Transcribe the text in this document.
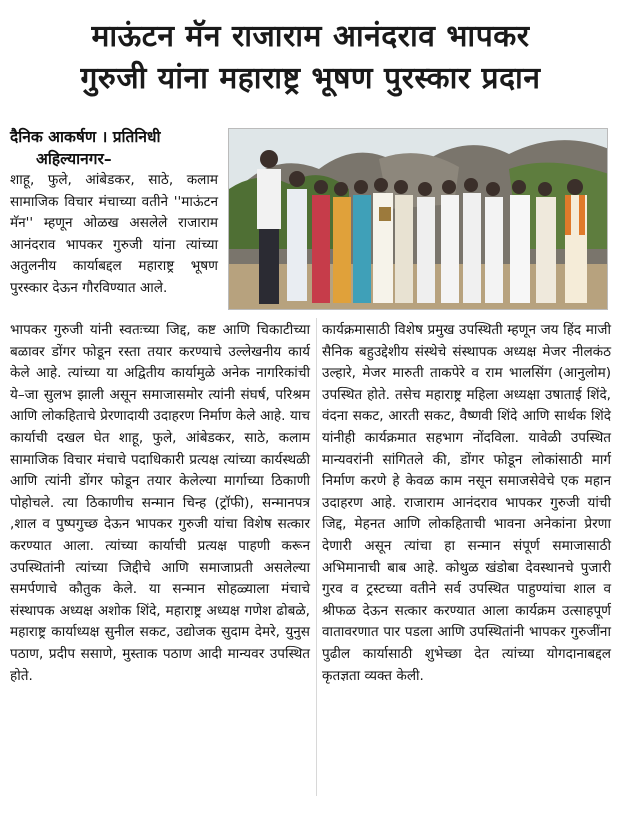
माऊंटन मॅन राजाराम आनंदराव भापकर
गुरुजी यांना महाराष्ट्र भूषण पुरस्कार प्रदान
दैनिक आकर्षण । प्रतिनिधी
अहिल्यानगर–

शाहू, फुले, आंबेडकर, साठे, कलाम सामाजिक विचार मंचाच्या वतीने ''माऊंटन मॅन'' म्हणून ओळख असलेले राजाराम आनंदराव भापकर गुरुजी यांना त्यांच्या अतुलनीय कार्याबद्दल महाराष्ट्र भूषण पुरस्कार देऊन गौरविण्यात आले.

भापकर गुरुजी यांनी स्वतःच्या जिद्द, कष्ट आणि चिकाटीच्या बळावर डोंगर फोडून रस्ता तयार करण्याचे उल्लेखनीय कार्य केले आहे. त्यांच्या या अद्वितीय कार्यामुळे अनेक नागरिकांची ये–जा सुलभ झाली असून समाजासमोर त्यांनी संघर्ष, परिश्रम आणि लोकहिताचे प्रेरणादायी उदाहरण निर्माण केले आहे. याच कार्याची दखल घेत शाहू, फुले, आंबेडकर, साठे, कलाम सामाजिक विचार मंचाचे पदाधिकारी प्रत्यक्ष त्यांच्या कार्यस्थळी आणि त्यांनी डोंगर फोडून तयार केलेल्या मार्गाच्या ठिकाणी पोहोचले. त्या ठिकाणीच सन्मान चिन्ह (ट्रॉफी), सन्मानपत्र ,शाल व पुष्पगुच्छ देऊन भापकर गुरुजी यांचा विशेष सत्कार करण्यात आला. त्यांच्या कार्याची प्रत्यक्ष पाहणी करून उपस्थितांनी त्यांच्या जिद्दीचे आणि समाजाप्रती असलेल्या समर्पणाचे कौतुक केले. या सन्मान सोहळ्याला मंचाचे संस्थापक अध्यक्ष अशोक शिंदे, महाराष्ट्र अध्यक्ष गणेश ढोबळे, महाराष्ट्र कार्याध्यक्ष सुनील सकट, उद्योजक सुदाम देमरे, युनुस पठाण, प्रदीप ससाणे, मुस्ताक पठाण आदी मान्यवर उपस्थित होते.

कार्यक्रमासाठी विशेष प्रमुख उपस्थिती म्हणून जय हिंद माजी सैनिक बहुउद्देशीय संस्थेचे संस्थापक अध्यक्ष मेजर नीलकंठ उल्हारे, मेजर मारुती ताकपेरे व राम भालसिंग (आनुलोम) उपस्थित होते. तसेच महाराष्ट्र महिला अध्यक्षा उषाताई शिंदे, वंदना सकट, आरती सकट, वैष्णवी शिंदे आणि सार्थक शिंदे यांनीही कार्यक्रमात सहभाग नोंदविला. यावेळी उपस्थित मान्यवरांनी सांगितले की, डोंगर फोडून लोकांसाठी मार्ग निर्माण करणे हे केवळ काम नसून समाजसेवेचे एक महान उदाहरण आहे. राजाराम आनंदराव भापकर गुरुजी यांची जिद्द, मेहनत आणि लोकहिताची भावना अनेकांना प्रेरणा देणारी असून त्यांचा हा सन्मान संपूर्ण समाजासाठी अभिमानाची बाब आहे. कोथुळ खंडोबा देवस्थानचे पुजारी गुरव व ट्रस्टच्या वतीने सर्व उपस्थित पाहुण्यांचा शाल व श्रीफळ देऊन सत्कार करण्यात आला कार्यक्रम उत्साहपूर्ण वातावरणात पार पडला आणि उपस्थितांनी भापकर गुरुजींना पुढील कार्यासाठी शुभेच्छा देत त्यांच्या योगदानाबद्दल कृतज्ञता व्यक्त केली.
